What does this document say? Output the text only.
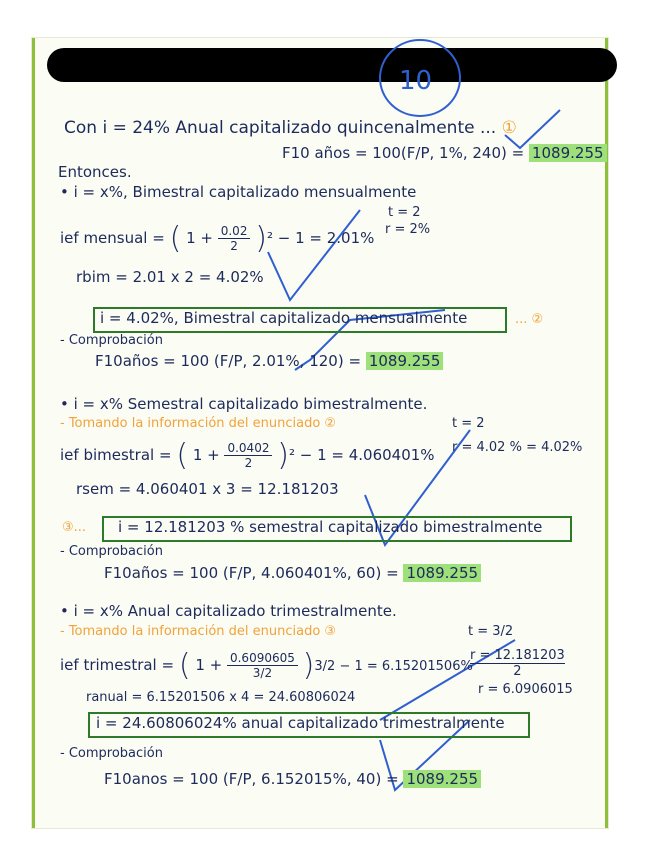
10
Con i = 24% Anual capitalizado quincenalmente ... ①
F10 años = 100(F/P, 1%, 240) = 1089.255
Entonces.
• i = x%, Bimestral capitalizado mensualmente
t = 2
r = 2%
ief mensual = ( $1 + \frac{0.02}{2} )^2 - 1 = 2.01\%$
rbim = 2.01 x 2 = 4.02%
i = 4.02%, Bimestral capitalizado mensualmente	... ②
- Comprobación
F10años = 100 (F/P, 2.01%, 120) = 1089.255
• i = x% Semestral capitalizado bimestralmente.
- Tomando la información del enunciado ②	t = 2
ief bimestral = ( $1 + \frac{0.0402}{2} )^2 - 1 = 4.060401\%$ r = 4.02 % = 4.02%
rsem = 4.060401 x 3 = 12.181203
③... i = 12.181203 % semestral capitalizado bimestralmente
- Comprobación
F10años = 100 (F/P, 4.060401%, 60) = 1089.255
• i = x% Anual capitalizado trimestralmente.
- Tomando la información del enunciado ③	t = 3/2
ief trimestral = ( $1 + \frac{0.6090605}{3/2} )3/2 - 1 = 6.15201506\%$
$\frac{r = 12.181203}{2}$
r = 6.0906015
ranual = 6.15201506 x 4 = 24.60806024
i = 24.60806024% anual capitalizado trimestralmente
- Comprobación
F10anos = 100 (F/P, 6.152015%, 40) = 1089.255
